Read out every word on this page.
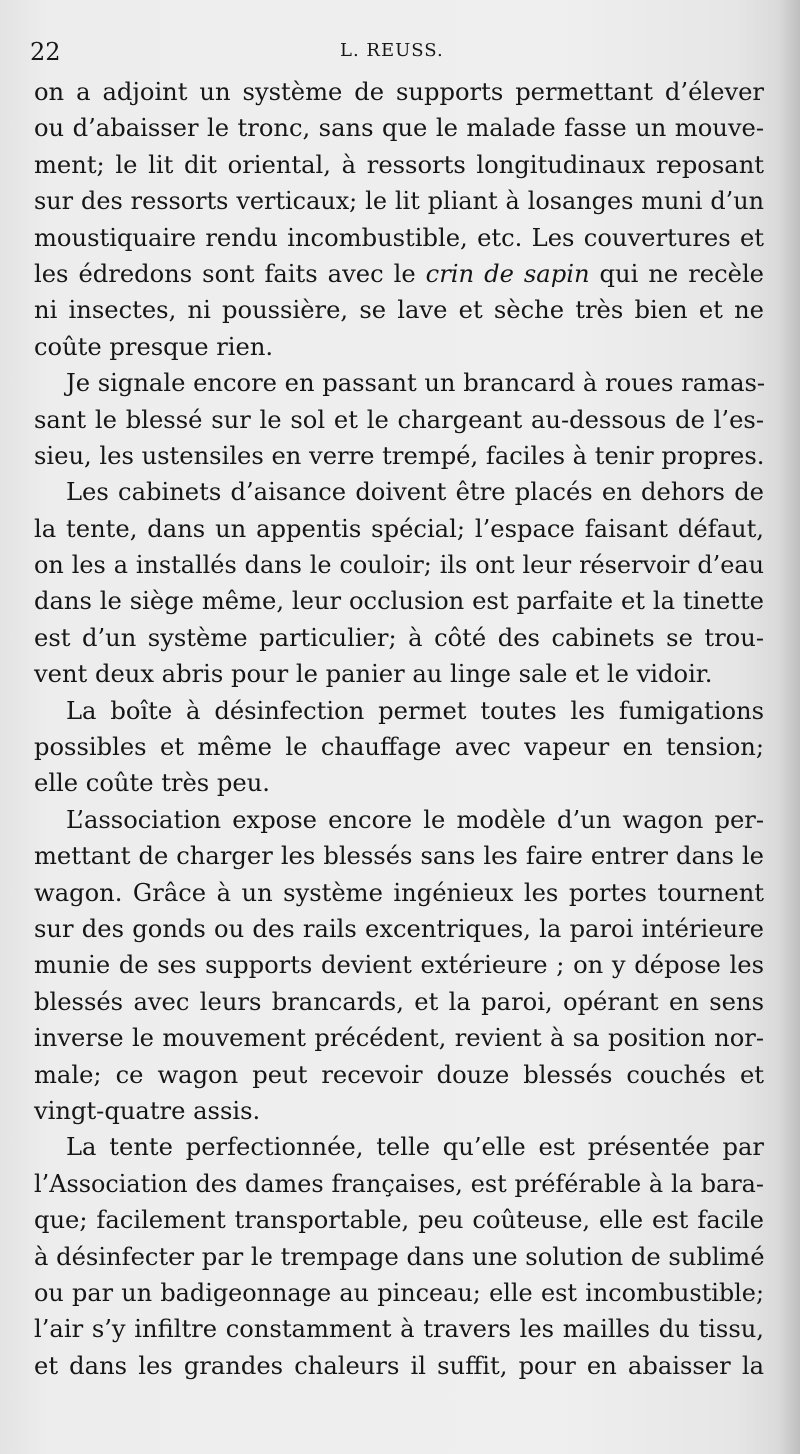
22	L. REUSS.
on a adjoint un système de supports permettant d’élever
ou d’abaisser le tronc, sans que le malade fasse un mouve-
ment; le lit dit oriental, à ressorts longitudinaux reposant
sur des ressorts verticaux; le lit pliant à losanges muni d’un
moustiquaire rendu incombustible, etc. Les couvertures et
les édredons sont faits avec le crin de sapin qui ne recèle
ni insectes, ni poussière, se lave et sèche très bien et ne
coûte presque rien.
Je signale encore en passant un brancard à roues ramas-
sant le blessé sur le sol et le chargeant au-dessous de l’es-
sieu, les ustensiles en verre trempé, faciles à tenir propres.
Les cabinets d’aisance doivent être placés en dehors de
la tente, dans un appentis spécial; l’espace faisant défaut,
on les a installés dans le couloir; ils ont leur réservoir d’eau
dans le siège même, leur occlusion est parfaite et la tinette
est d’un système particulier; à côté des cabinets se trou-
vent deux abris pour le panier au linge sale et le vidoir.
La boîte à désinfection permet toutes les fumigations
possibles et même le chauffage avec vapeur en tension;
elle coûte très peu.
L’association expose encore le modèle d’un wagon per-
mettant de charger les blessés sans les faire entrer dans le
wagon. Grâce à un système ingénieux les portes tournent
sur des gonds ou des rails excentriques, la paroi intérieure
munie de ses supports devient extérieure ; on y dépose les
blessés avec leurs brancards, et la paroi, opérant en sens
inverse le mouvement précédent, revient à sa position nor-
male; ce wagon peut recevoir douze blessés couchés et
vingt-quatre assis.
La tente perfectionnée, telle qu’elle est présentée par
l’Association des dames françaises, est préférable à la bara-
que; facilement transportable, peu coûteuse, elle est facile
à désinfecter par le trempage dans une solution de sublimé
ou par un badigeonnage au pinceau; elle est incombustible;
l’air s’y infiltre constamment à travers les mailles du tissu,
et dans les grandes chaleurs il suffit, pour en abaisser la
